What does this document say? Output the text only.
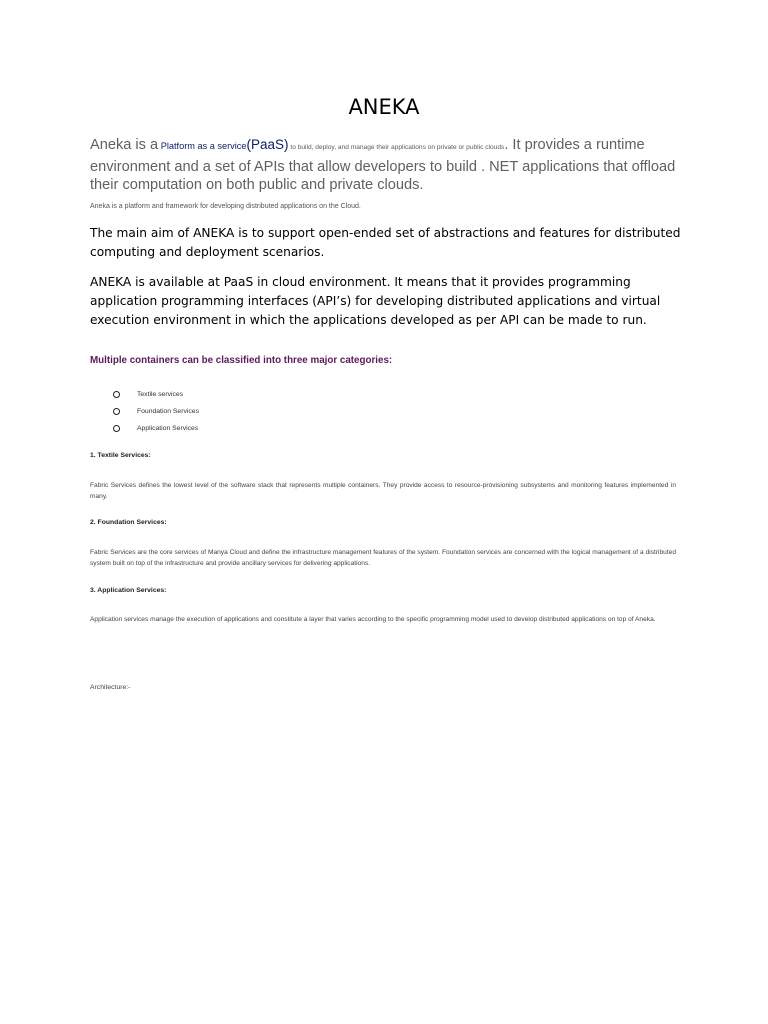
ANEKA
Aneka is a Platform as a service(PaaS) to build, deploy, and manage their applications on private or public clouds. It provides a runtime environment and a set of APIs that allow developers to build . NET applications that offload their computation on both public and private clouds.
Aneka is a platform and framework for developing distributed applications on the Cloud.
The main aim of ANEKA is to support open-ended set of abstractions and features for distributed computing and deployment scenarios.
ANEKA is available at PaaS in cloud environment. It means that it provides programming application programming interfaces (API’s) for developing distributed applications and virtual execution environment in which the applications developed as per API can be made to run.
Multiple containers can be classified into three major categories:
Textile services
Foundation Services
Application Services
1. Textile Services:
Fabric Services defines the lowest level of the software stack that represents multiple containers. They provide access to resource-provisioning subsystems and monitoring features implemented in many.
2. Foundation Services:
Fabric Services are the core services of Manya Cloud and define the infrastructure management features of the system. Foundation services are concerned with the logical management of a distributed system built on top of the infrastructure and provide ancillary services for delivering applications.
3. Application Services:
Application services manage the execution of applications and constitute a layer that varies according to the specific programming model used to develop distributed applications on top of Aneka.
Architecture:-
